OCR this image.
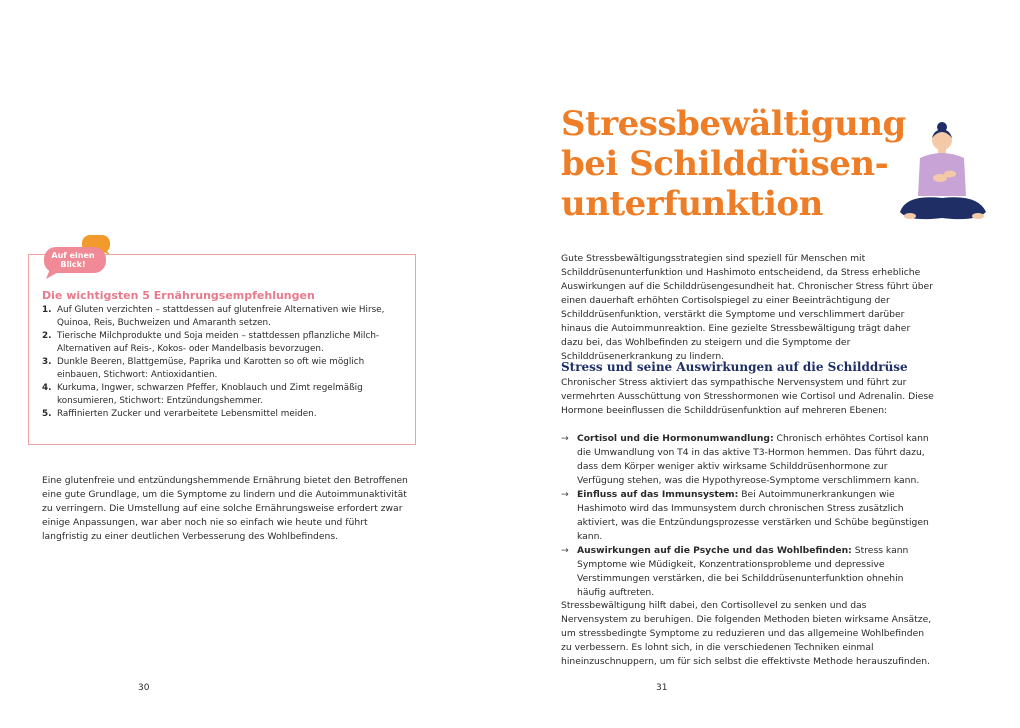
Auf einen
Blick!
Die wichtigsten 5 Ernährungsempfehlungen
1. Auf Gluten verzichten – stattdessen auf glutenfreie Alternativen wie Hirse, Quinoa, Reis, Buchweizen und Amaranth setzen.
2. Tierische Milchprodukte und Soja meiden – stattdessen pflanzliche Milch-Alternativen auf Reis-, Kokos- oder Mandelbasis bevorzugen.
3. Dunkle Beeren, Blattgemüse, Paprika und Karotten so oft wie möglich einbauen, Stichwort: Antioxidantien.
4. Kurkuma, Ingwer, schwarzen Pfeffer, Knoblauch und Zimt regelmäßig konsumieren, Stichwort: Entzündungshemmer.
5. Raffinierten Zucker und verarbeitete Lebensmittel meiden.
Eine glutenfreie und entzündungshemmende Ernährung bietet den Betroffenen eine gute Grundlage, um die Symptome zu lindern und die Autoimmunaktivität zu verringern. Die Umstellung auf eine solche Ernährungsweise erfordert zwar einige Anpassungen, war aber noch nie so einfach wie heute und führt langfristig zu einer deutlichen Verbesserung des Wohlbefindens.
30
Stressbewältigung
bei Schilddrüsen-
unterfunktion
Gute Stressbewältigungsstrategien sind speziell für Menschen mit Schilddrüsenunterfunktion und Hashimoto entscheidend, da Stress erhebliche Auswirkungen auf die Schilddrüsengesundheit hat. Chronischer Stress führt über einen dauerhaft erhöhten Cortisolspiegel zu einer Beeinträchtigung der Schilddrüsenfunktion, verstärkt die Symptome und verschlimmert darüber hinaus die Autoimmunreaktion. Eine gezielte Stressbewältigung trägt daher dazu bei, das Wohlbefinden zu steigern und die Symptome der Schilddrüsenerkrankung zu lindern.
Stress und seine Auswirkungen auf die Schilddrüse
Chronischer Stress aktiviert das sympathische Nervensystem und führt zur vermehrten Ausschüttung von Stresshormonen wie Cortisol und Adrenalin. Diese Hormone beeinflussen die Schilddrüsenfunktion auf mehreren Ebenen:
→ Cortisol und die Hormonumwandlung: Chronisch erhöhtes Cortisol kann die Umwandlung von T4 in das aktive T3-Hormon hemmen. Das führt dazu, dass dem Körper weniger aktiv wirksame Schilddrüsenhormone zur Verfügung stehen, was die Hypothyreose-Symptome verschlimmern kann.
→ Einfluss auf das Immunsystem: Bei Autoimmunerkrankungen wie Hashimoto wird das Immunsystem durch chronischen Stress zusätzlich aktiviert, was die Entzündungsprozesse verstärken und Schübe begünstigen kann.
→ Auswirkungen auf die Psyche und das Wohlbefinden: Stress kann Symptome wie Müdigkeit, Konzentrationsprobleme und depressive Verstimmungen verstärken, die bei Schilddrüsenunterfunktion ohnehin häufig auftreten.
Stressbewältigung hilft dabei, den Cortisollevel zu senken und das Nervensystem zu beruhigen. Die folgenden Methoden bieten wirksame Ansätze, um stressbedingte Symptome zu reduzieren und das allgemeine Wohlbefinden zu verbessern. Es lohnt sich, in die verschiedenen Techniken einmal hineinzuschnuppern, um für sich selbst die effektivste Methode herauszufinden.
31
